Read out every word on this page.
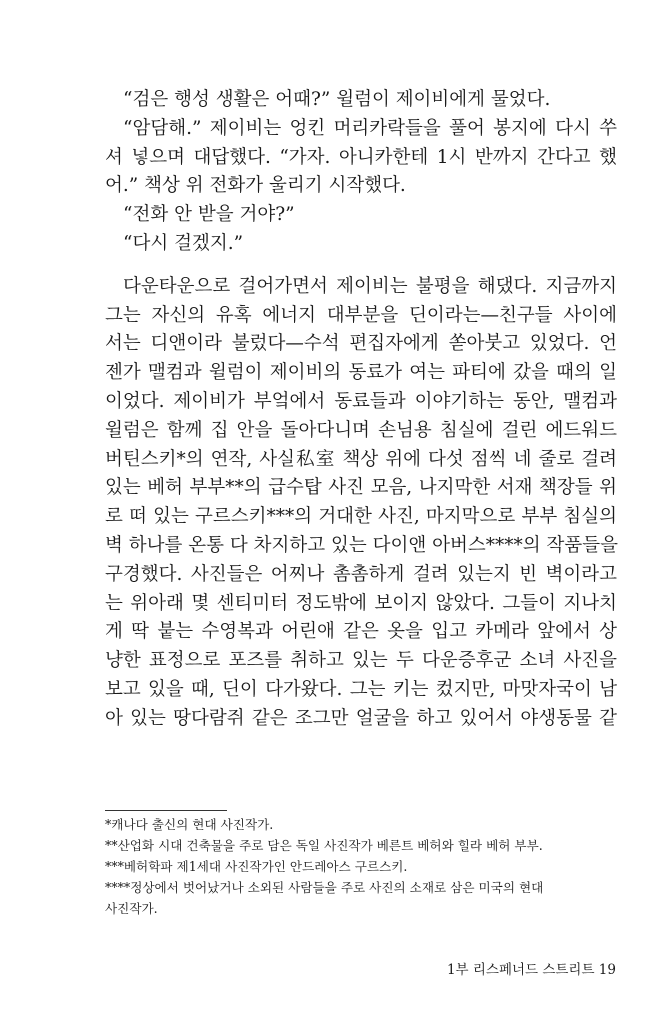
“검은 행성 생활은 어때?” 윌럼이 제이비에게 물었다.
“암담해.” 제이비는 엉킨 머리카락들을 풀어 봉지에 다시 쑤
셔 넣으며 대답했다. “가자. 아니카한테 1시 반까지 간다고 했
어.” 책상 위 전화가 울리기 시작했다.
“전화 안 받을 거야?”
“다시 걸겠지.”
다운타운으로 걸어가면서 제이비는 불평을 해댔다. 지금까지
그는 자신의 유혹 에너지 대부분을 딘이라는—친구들 사이에
서는 디앤이라 불렀다—수석 편집자에게 쏟아붓고 있었다. 언
젠가 맬컴과 윌럼이 제이비의 동료가 여는 파티에 갔을 때의 일
이었다. 제이비가 부엌에서 동료들과 이야기하는 동안, 맬컴과
윌럼은 함께 집 안을 돌아다니며 손님용 침실에 걸린 에드워드
버틴스키*의 연작, 사실私室 책상 위에 다섯 점씩 네 줄로 걸려
있는 베허 부부**의 급수탑 사진 모음, 나지막한 서재 책장들 위
로 떠 있는 구르스키***의 거대한 사진, 마지막으로 부부 침실의
벽 하나를 온통 다 차지하고 있는 다이앤 아버스****의 작품들을
구경했다. 사진들은 어찌나 촘촘하게 걸려 있는지 빈 벽이라고
는 위아래 몇 센티미터 정도밖에 보이지 않았다. 그들이 지나치
게 딱 붙는 수영복과 어린애 같은 옷을 입고 카메라 앞에서 상
냥한 표정으로 포즈를 취하고 있는 두 다운증후군 소녀 사진을
보고 있을 때, 딘이 다가왔다. 그는 키는 컸지만, 마맛자국이 남
아 있는 땅다람쥐 같은 조그만 얼굴을 하고 있어서 야생동물 같
*캐나다 출신의 현대 사진작가.
**산업화 시대 건축물을 주로 담은 독일 사진작가 베른트 베허와 힐라 베허 부부.
***베허학파 제1세대 사진작가인 안드레아스 구르스키.
****정상에서 벗어났거나 소외된 사람들을 주로 사진의 소재로 삼은 미국의 현대
사진작가.
1부 리스페너드 스트리트 19
